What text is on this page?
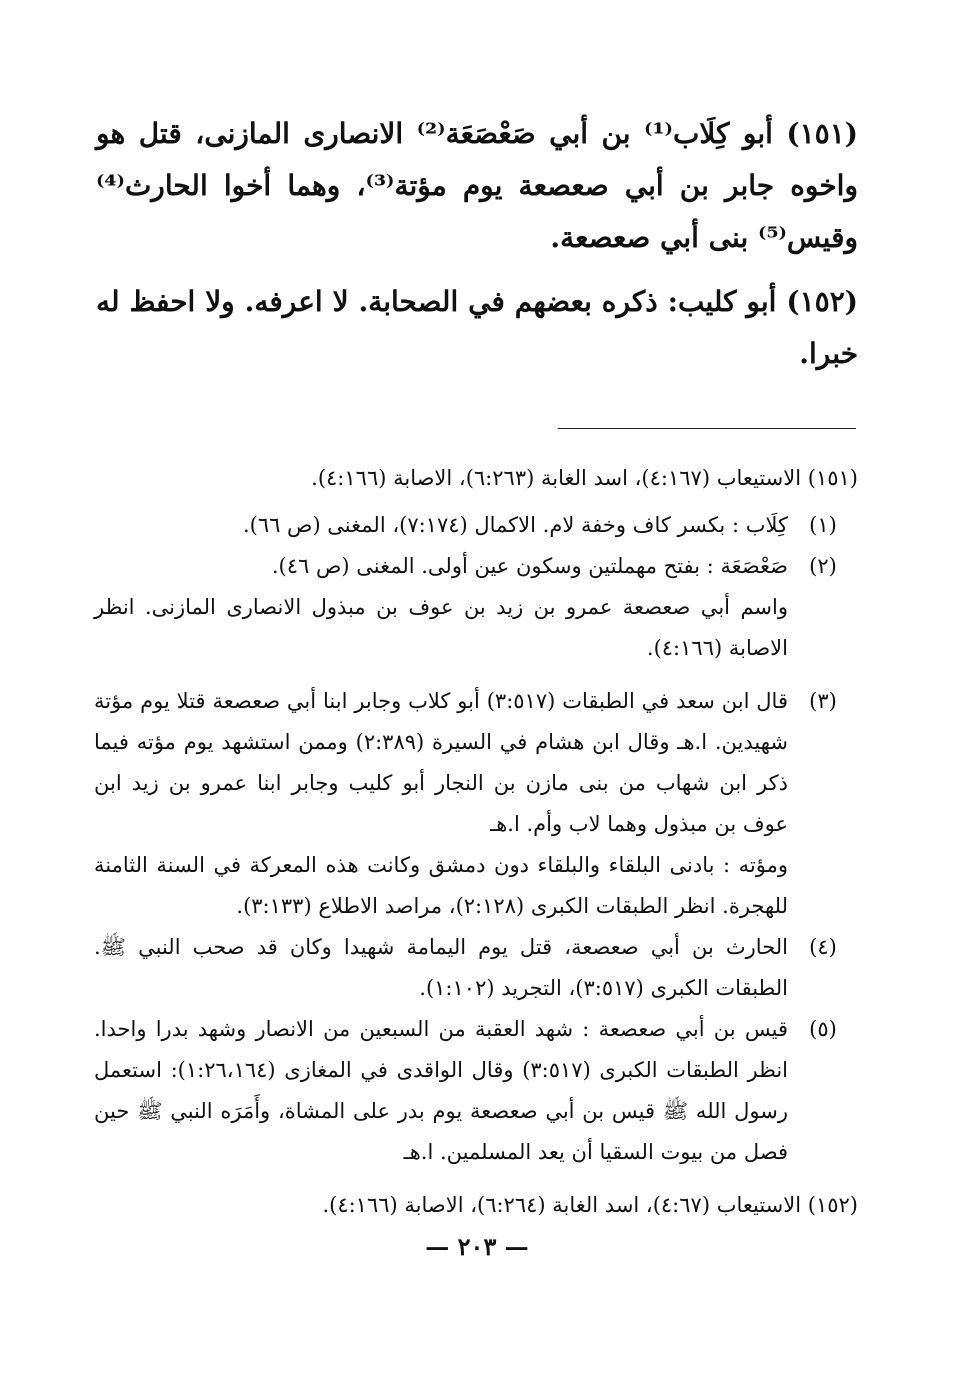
(١٥١) أبو كِلَاب⁽¹⁾ بن أبي صَعْصَعَة⁽²⁾ الانصارى المازنى، قتل هو واخوه جابر بن أبي صعصعة يوم مؤتة⁽³⁾، وهما أخوا الحارث⁽⁴⁾ وقيس⁽⁵⁾ بنى أبي صعصعة.

(١٥٢) أبو كليب: ذكره بعضهم في الصحابة. لا اعرفه. ولا احفظ له خبرا.

(١٥١) الاستيعاب (٤:١٦٧)، اسد الغابة (٦:٢٦٣)، الاصابة (٤:١٦٦).

(١)

كِلَاب : بكسر كاف وخفة لام. الاكمال (٧:١٧٤)، المغنى (ص ٦٦).

(٢)

صَعْصَعَة : بفتح مهملتين وسكون عين أولى. المغنى (ص ٤٦).

واسم أبي صعصعة عمرو بن زيد بن عوف بن مبذول الانصارى المازنى. انظر الاصابة (٤:١٦٦).

(٣)

قال ابن سعد في الطبقات (٣:٥١٧) أبو كلاب وجابر ابنا أبي صعصعة قتلا يوم مؤتة شهيدين. ا.هـ وقال ابن هشام في السيرة (٢:٣٨٩) وممن استشهد يوم مؤته فيما ذكر ابن شهاب من بنى مازن بن النجار أبو كليب وجابر ابنا عمرو بن زيد ابن عوف بن مبذول وهما لاب وأم. ا.هـ

ومؤته : بادنى البلقاء والبلقاء دون دمشق وكانت هذه المعركة في السنة الثامنة للهجرة. انظر الطبقات الكبرى (٢:١٢٨)، مراصد الاطلاع (٣:١٣٣).

(٤)

الحارث بن أبي صعصعة، قتل يوم اليمامة شهيدا وكان قد صحب النبي ﷺ. الطبقات الكبرى (٣:٥١٧)، التجريد (١:١٠٢).

(٥)

قيس بن أبي صعصعة : شهد العقبة من السبعين من الانصار وشهد بدرا واحدا. انظر الطبقات الكبرى (٣:٥١٧) وقال الواقدى في المغازى (١:٢٦،١٦٤): استعمل رسول الله ﷺ قيس بن أبي صعصعة يوم بدر على المشاة، وأَمَرَه النبي ﷺ حين فصل من بيوت السقيا أن يعد المسلمين. ا.هـ

(١٥٢) الاستيعاب (٤:٦٧)، اسد الغابة (٦:٢٦٤)، الاصابة (٤:١٦٦).

— ٢٠٣ —
